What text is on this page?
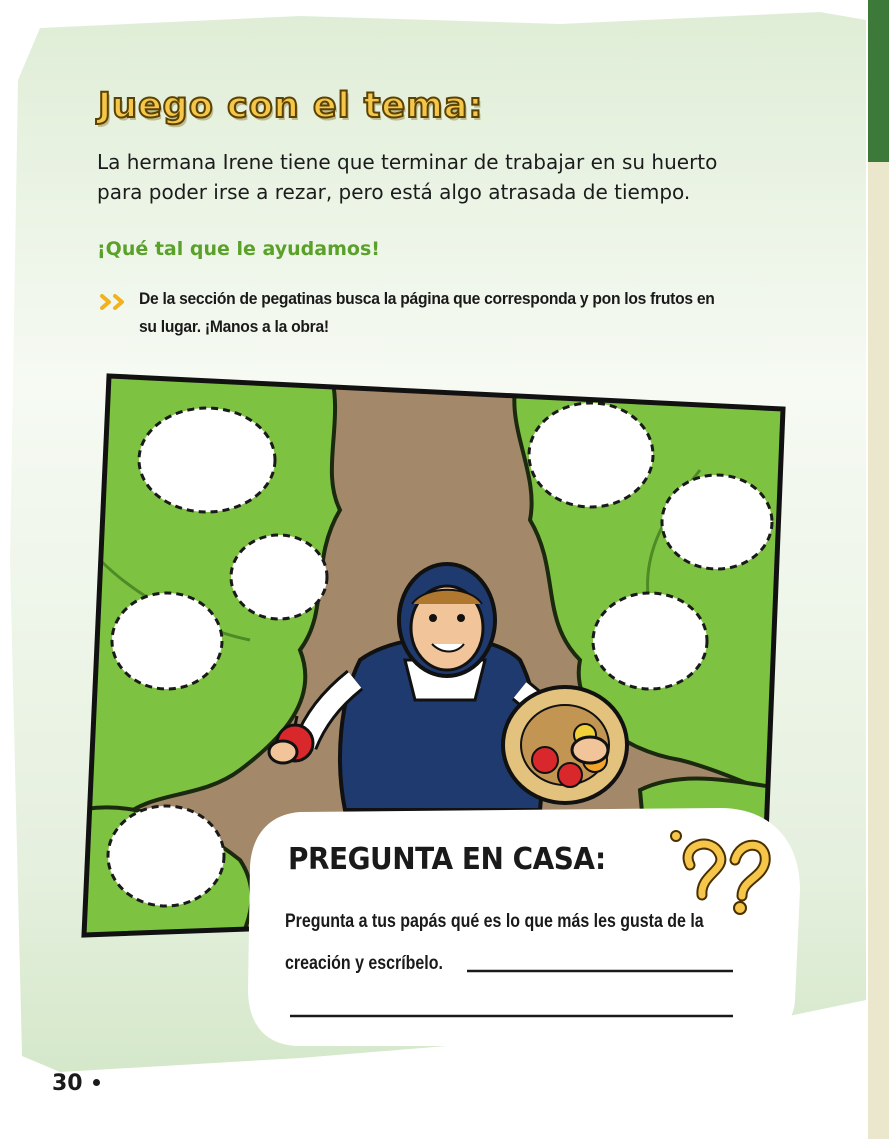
Juego con el tema:
La hermana Irene tiene que terminar de trabajar en su huerto para poder irse a rezar, pero está algo atrasada de tiempo.
¡Qué tal que le ayudamos!
De la sección de pegatinas busca la página que corresponda y pon los frutos en su lugar. ¡Manos a la obra!
PREGUNTA EN CASA:
Pregunta a tus papás qué es lo que más les gusta de la
creación y escríbelo.
30
